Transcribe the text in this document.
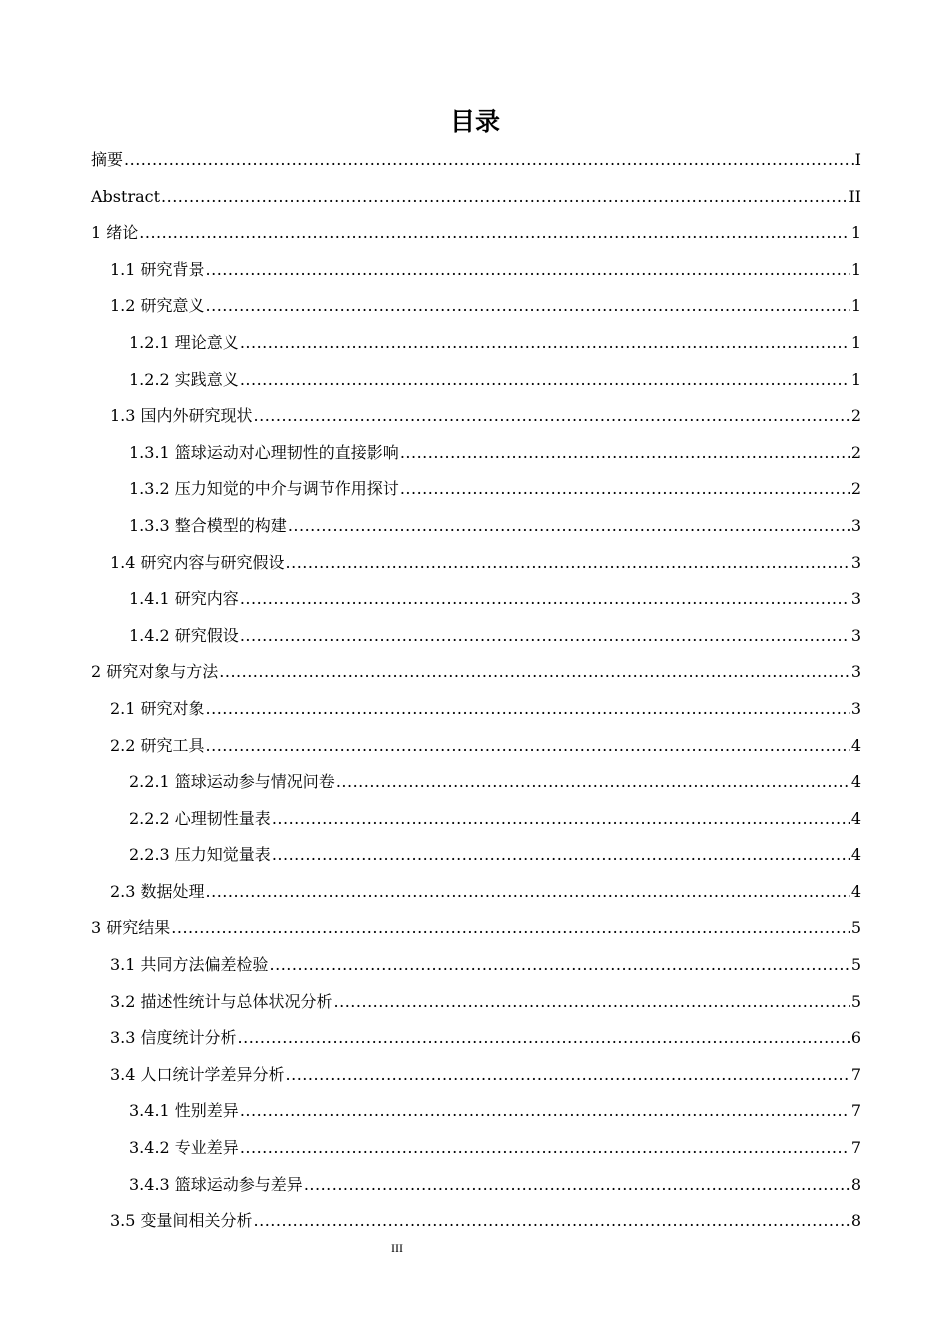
目录
摘要 .....	I
Abstract .....	II
1 绪论 .....	1
1.1 研究背景 .....	1
1.2 研究意义 .....	1
1.2.1 理论意义 .....	1
1.2.2 实践意义 .....	1
1.3 国内外研究现状 .....	2
1.3.1 篮球运动对心理韧性的直接影响 .....	2
1.3.2 压力知觉的中介与调节作用探讨 .....	2
1.3.3 整合模型的构建 .....	3
1.4 研究内容与研究假设 .....	3
1.4.1 研究内容 .....	3
1.4.2 研究假设 .....	3
2 研究对象与方法 .....	3
2.1 研究对象 .....	3
2.2 研究工具 .....	4
2.2.1 篮球运动参与情况问卷 .....	4
2.2.2 心理韧性量表 .....	4
2.2.3 压力知觉量表 .....	4
2.3 数据处理 .....	4
3 研究结果 .....	5
3.1 共同方法偏差检验 .....	5
3.2 描述性统计与总体状况分析 .....	5
3.3 信度统计分析 .....	6
3.4 人口统计学差异分析 .....	7
3.4.1 性别差异 .....	7
3.4.2 专业差异 .....	7
3.4.3 篮球运动参与差异 .....	8
3.5 变量间相关分析 .....	8
III
